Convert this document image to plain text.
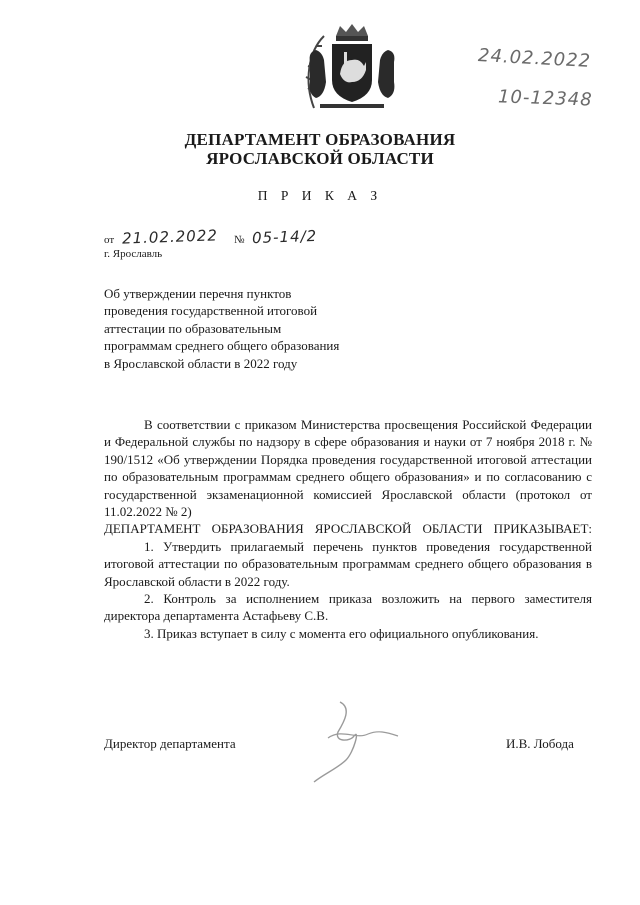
24.02.2022
10-12348
ДЕПАРТАМЕНТ ОБРАЗОВАНИЯ
ЯРОСЛАВСКОЙ ОБЛАСТИ
П Р И К А З
от 21.02.2022 № 05-14/2
г. Ярославль
Об утверждении перечня пунктов проведения государственной итоговой аттестации по образовательным программам среднего общего образования в Ярославской области в 2022 году

В соответствии с приказом Министерства просвещения Российской Федерации и Федеральной службы по надзору в сфере образования и науки от 7 ноября 2018 г. № 190/1512 «Об утверждении Порядка проведения государственной итоговой аттестации по образовательным программам среднего общего образования» и по согласованию с государственной экзаменационной комиссией Ярославской области (протокол от 11.02.2022 № 2)

ДЕПАРТАМЕНТ ОБРАЗОВАНИЯ ЯРОСЛАВСКОЙ ОБЛАСТИ ПРИКАЗЫВАЕТ:

1. Утвердить прилагаемый перечень пунктов проведения государственной итоговой аттестации по образовательным программам среднего общего образования в Ярославской области в 2022 году.

2. Контроль за исполнением приказа возложить на первого заместителя директора департамента Астафьеву С.В.

3. Приказ вступает в силу с момента его официального опубликования.

Директор департамента	И.В. Лобода
